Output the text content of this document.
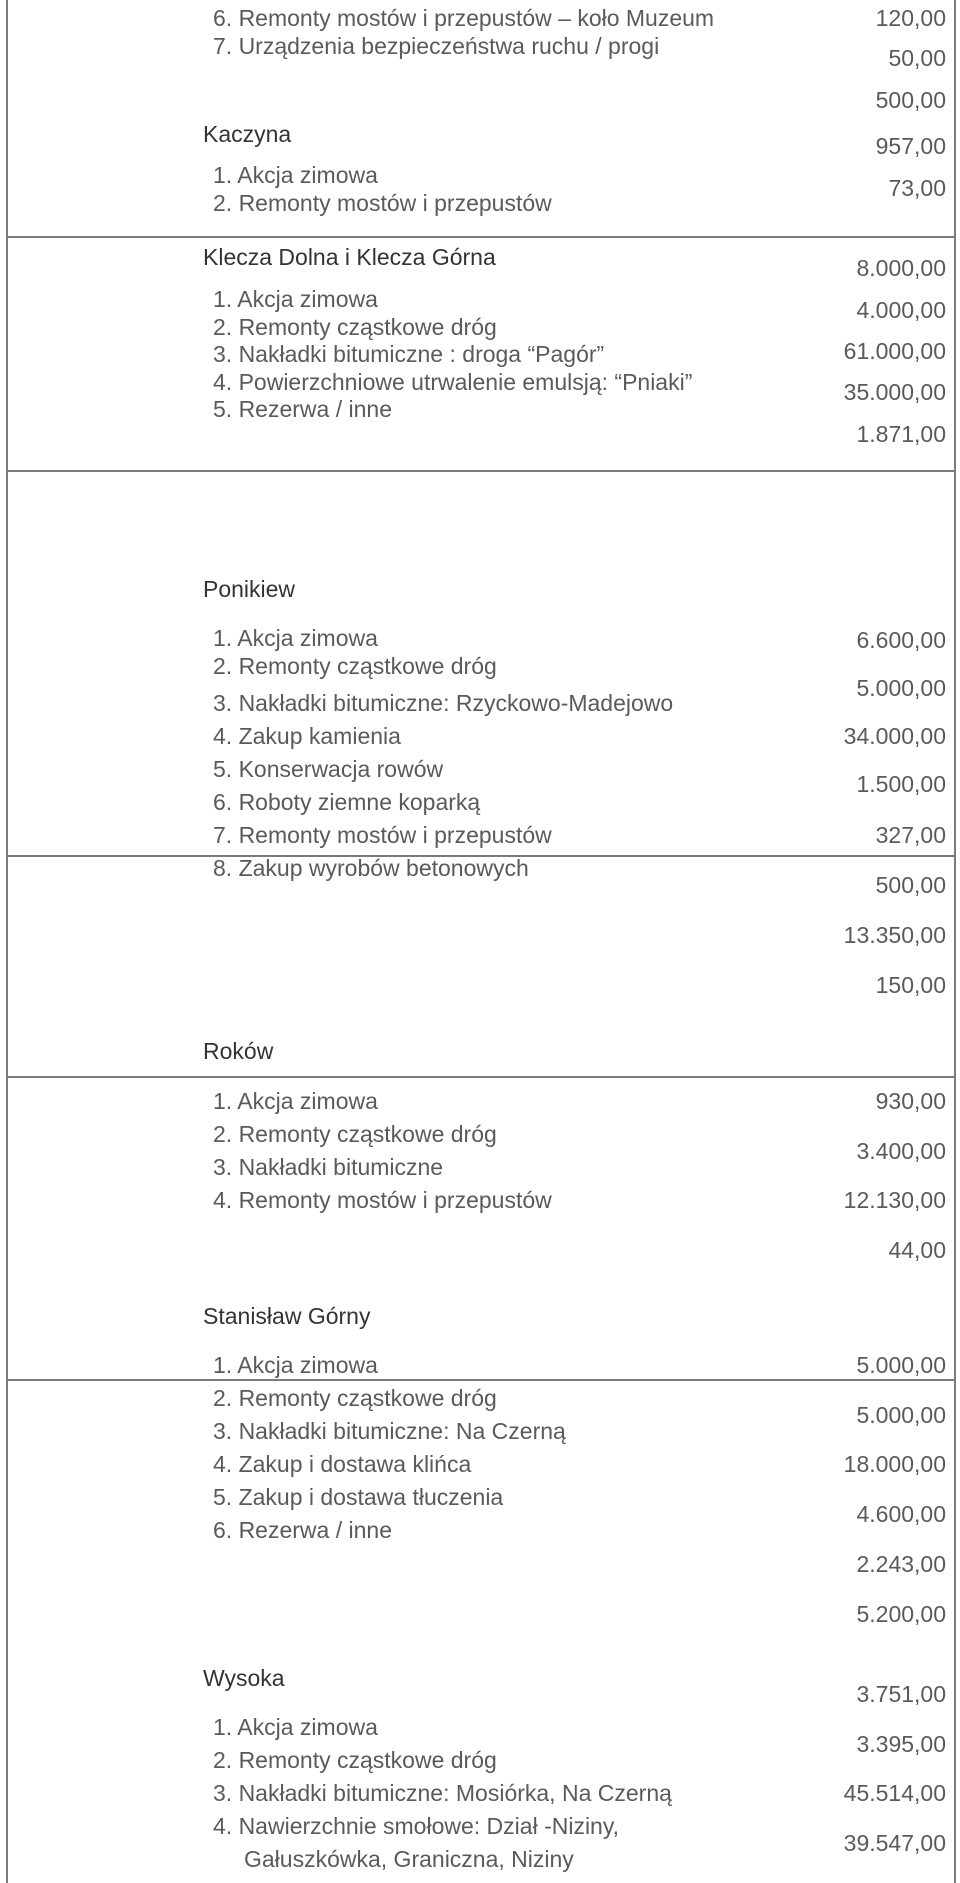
6. Remonty mostów i przepustów – koło Muzeum
7. Urządzenia bezpieczeństwa ruchu / progi
120,00
50,00
500,00
Kaczyna
1. Akcja zimowa
2. Remonty mostów i przepustów
957,00
73,00
Klecza Dolna i Klecza Górna
1. Akcja zimowa
2. Remonty cząstkowe dróg
3. Nakładki bitumiczne : droga “Pagór”
4. Powierzchniowe utrwalenie emulsją: “Pniaki”
5. Rezerwa / inne
8.000,00
4.000,00
61.000,00
35.000,00
1.871,00
Ponikiew
1. Akcja zimowa
2. Remonty cząstkowe dróg
3. Nakładki bitumiczne: Rzyckowo-Madejowo
4. Zakup kamienia
5. Konserwacja rowów
6. Roboty ziemne koparką
7. Remonty mostów i przepustów
8. Zakup wyrobów betonowych
6.600,00
5.000,00
34.000,00
1.500,00
327,00
500,00
13.350,00
150,00
Roków
1. Akcja zimowa
2. Remonty cząstkowe dróg
3. Nakładki bitumiczne
4. Remonty mostów i przepustów
930,00
3.400,00
12.130,00
44,00
Stanisław Górny
1. Akcja zimowa
2. Remonty cząstkowe dróg
3. Nakładki bitumiczne: Na Czerną
4. Zakup i dostawa klińca
5. Zakup i dostawa tłuczenia
6. Rezerwa / inne
5.000,00
5.000,00
18.000,00
4.600,00
2.243,00
5.200,00
Wysoka
1. Akcja zimowa
2. Remonty cząstkowe dróg
3. Nakładki bitumiczne: Mosiórka, Na Czerną
4. Nawierzchnie smołowe: Dział -Niziny,
Gałuszkówka, Graniczna, Niziny
3.751,00
3.395,00
45.514,00
39.547,00
